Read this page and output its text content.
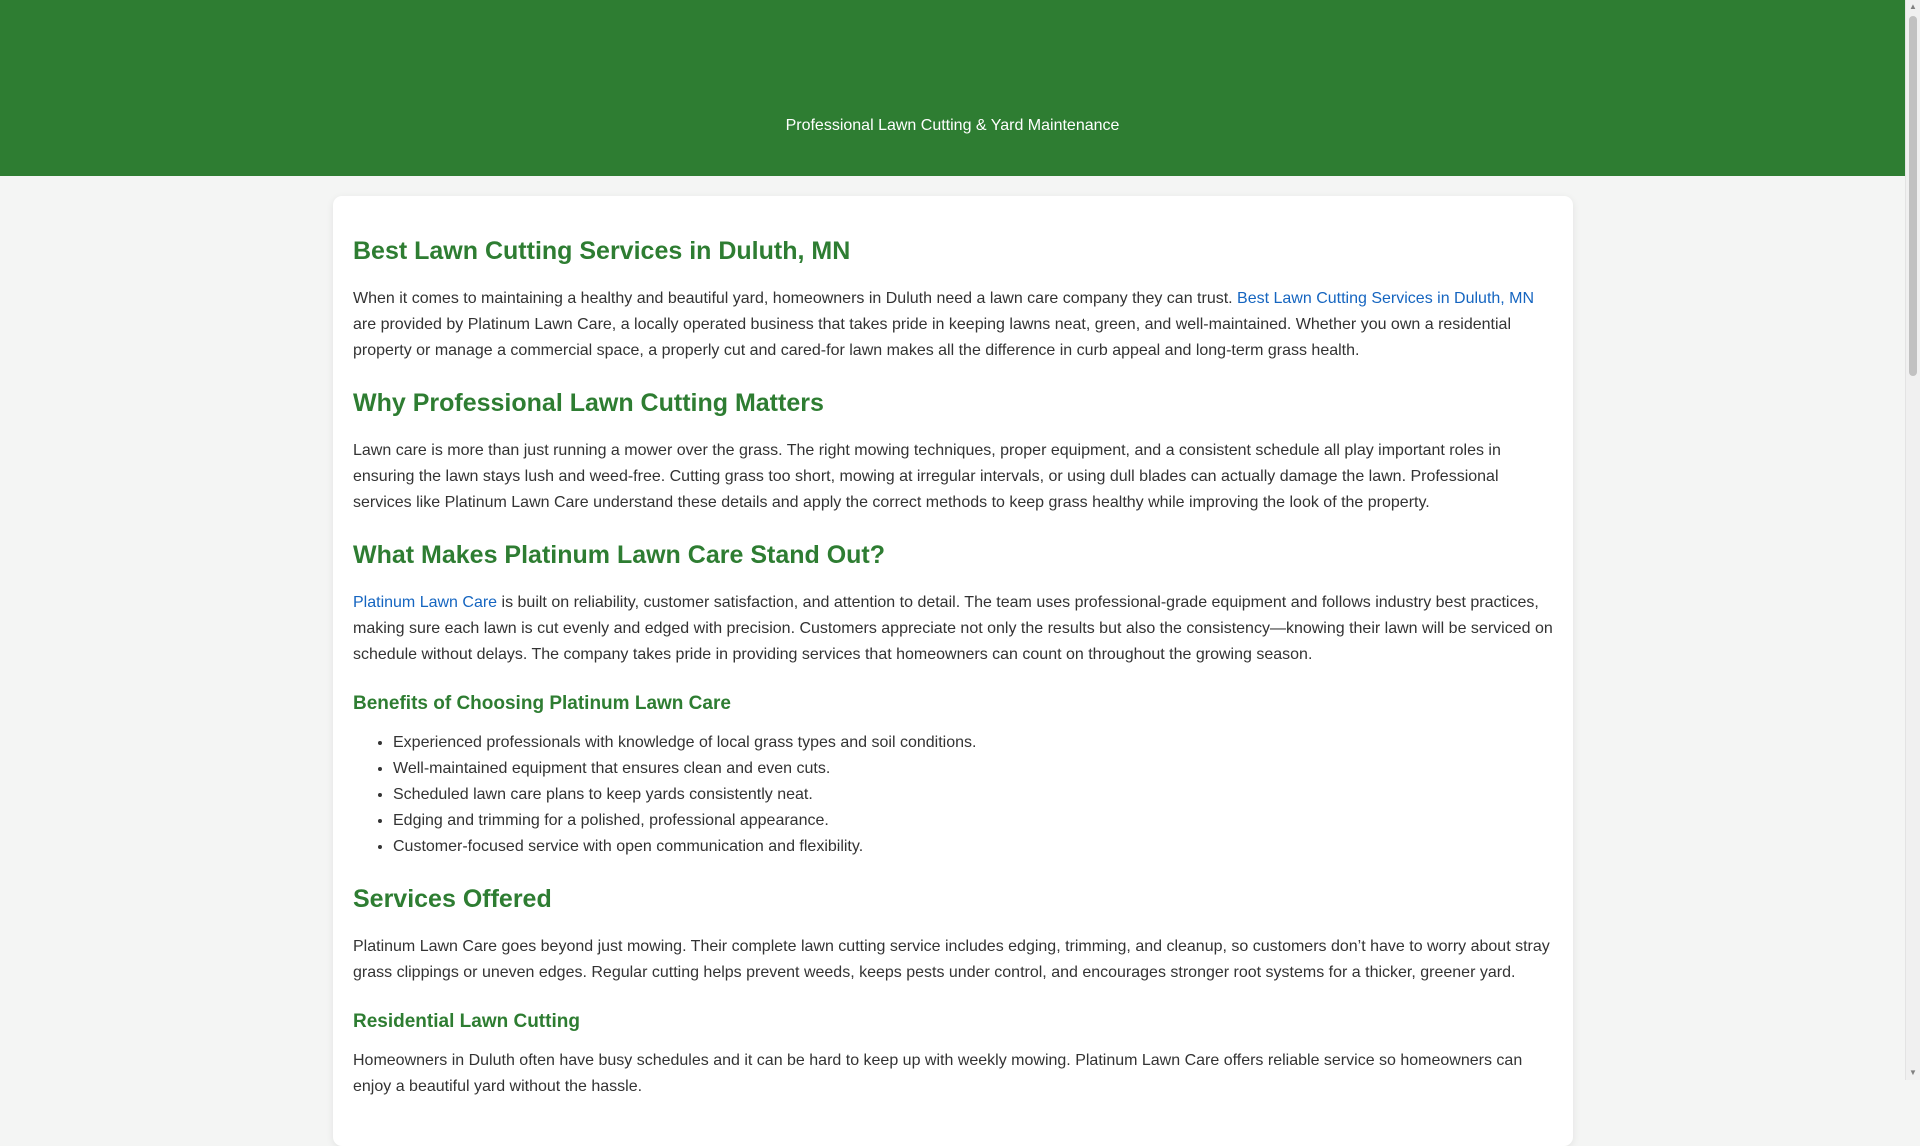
Professional Lawn Cutting & Yard Maintenance
Best Lawn Cutting Services in Duluth, MN

When it comes to maintaining a healthy and beautiful yard, homeowners in Duluth need a lawn care company they can trust. Best Lawn Cutting Services in Duluth, MN are provided by Platinum Lawn Care, a locally operated business that takes pride in keeping lawns neat, green, and well-maintained. Whether you own a residential property or manage a commercial space, a properly cut and cared-for lawn makes all the difference in curb appeal and long-term grass health.

Why Professional Lawn Cutting Matters

Lawn care is more than just running a mower over the grass. The right mowing techniques, proper equipment, and a consistent schedule all play important roles in ensuring the lawn stays lush and weed-free. Cutting grass too short, mowing at irregular intervals, or using dull blades can actually damage the lawn. Professional services like Platinum Lawn Care understand these details and apply the correct methods to keep grass healthy while improving the look of the property.

What Makes Platinum Lawn Care Stand Out?

Platinum Lawn Care is built on reliability, customer satisfaction, and attention to detail. The team uses professional-grade equipment and follows industry best practices, making sure each lawn is cut evenly and edged with precision. Customers appreciate not only the results but also the consistency—knowing their lawn will be serviced on schedule without delays. The company takes pride in providing services that homeowners can count on throughout the growing season.

Benefits of Choosing Platinum Lawn Care
• Experienced professionals with knowledge of local grass types and soil conditions.
• Well-maintained equipment that ensures clean and even cuts.
• Scheduled lawn care plans to keep yards consistently neat.
• Edging and trimming for a polished, professional appearance.
• Customer-focused service with open communication and flexibility.
Services Offered

Platinum Lawn Care goes beyond just mowing. Their complete lawn cutting service includes edging, trimming, and cleanup, so customers don’t have to worry about stray grass clippings or uneven edges. Regular cutting helps prevent weeds, keeps pests under control, and encourages stronger root systems for a thicker, greener yard.

Residential Lawn Cutting

Homeowners in Duluth often have busy schedules and it can be hard to keep up with weekly mowing. Platinum Lawn Care offers reliable service so homeowners can enjoy a beautiful yard without the hassle.

▲
▼
